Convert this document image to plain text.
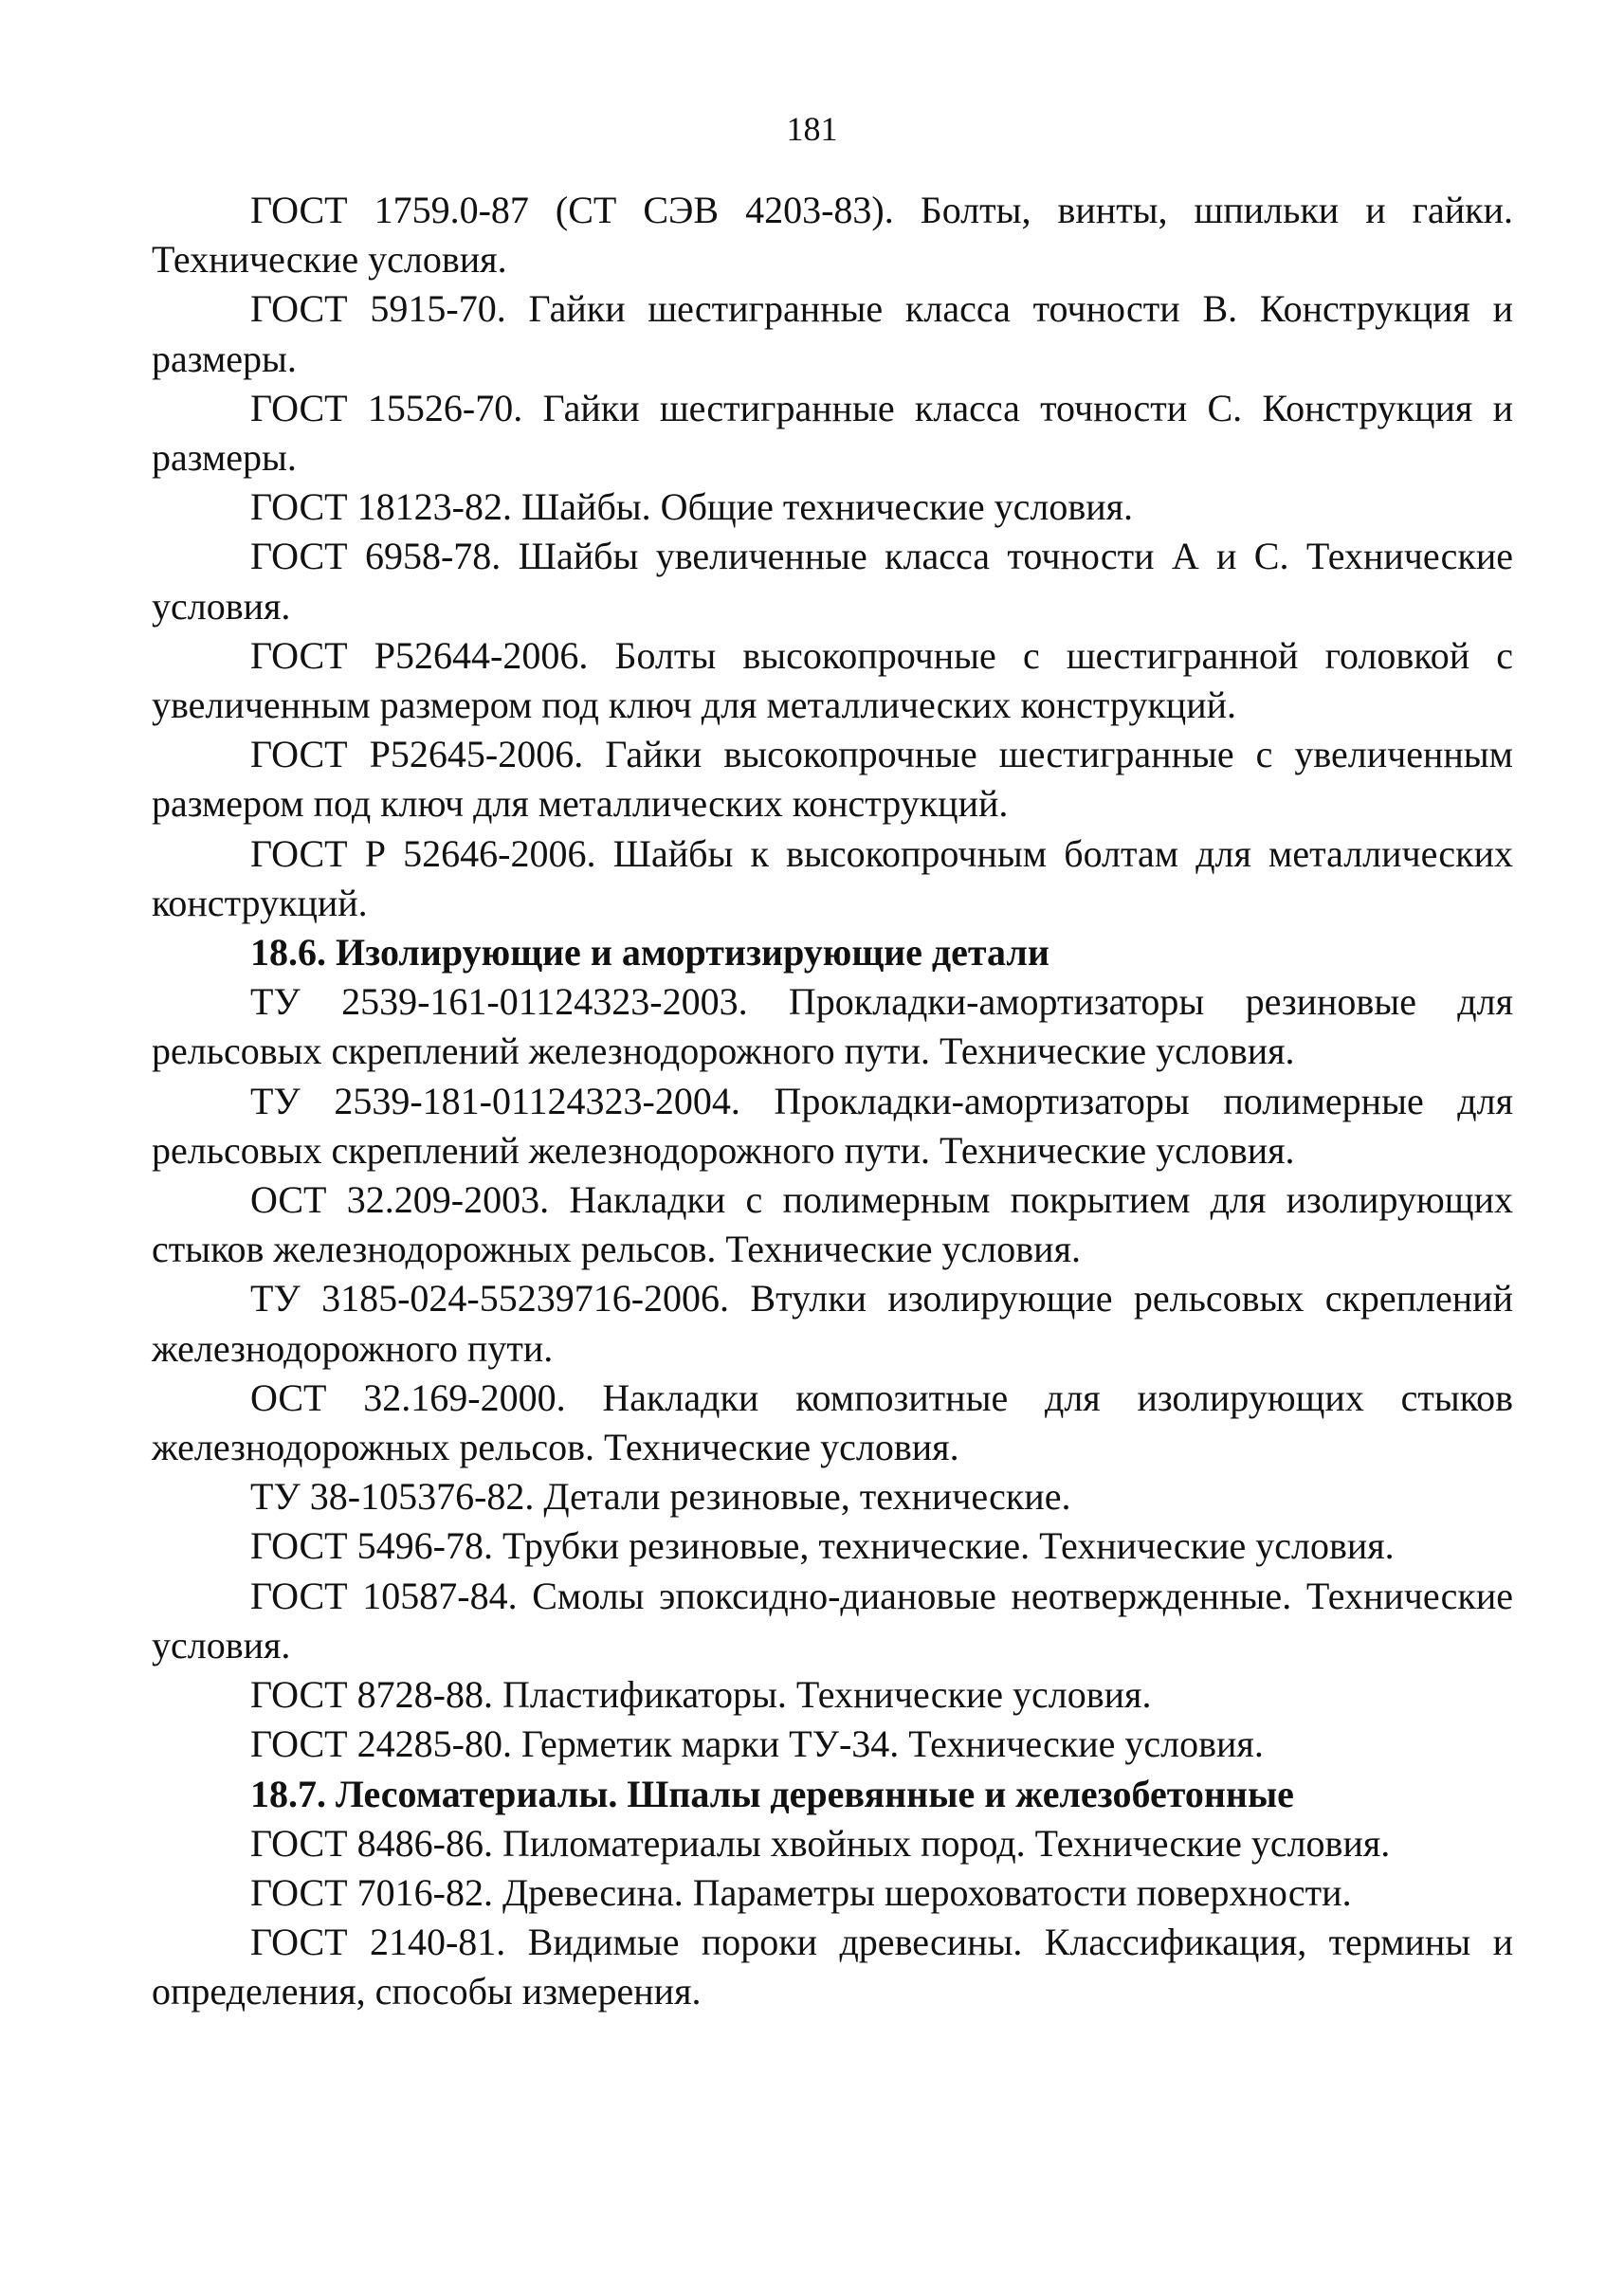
181

ГОСТ 1759.0-87 (СТ СЭВ 4203-83). Болты, винты, шпильки и гайки. Технические условия.

ГОСТ 5915-70. Гайки шестигранные класса точности В. Конструкция и размеры.

ГОСТ 15526-70. Гайки шестигранные класса точности С. Конструкция и размеры.

ГОСТ 18123-82. Шайбы. Общие технические условия.

ГОСТ 6958-78. Шайбы увеличенные класса точности А и С. Технические условия.

ГОСТ Р52644-2006. Болты высокопрочные с шестигранной головкой с увеличенным размером под ключ для металлических конструкций.

ГОСТ Р52645-2006. Гайки высокопрочные шестигранные с увеличенным размером под ключ для металлических конструкций.

ГОСТ Р 52646-2006. Шайбы к высокопрочным болтам для металлических конструкций.

18.6. Изолирующие и амортизирующие детали

ТУ 2539-161-01124323-2003. Прокладки-амортизаторы резиновые для рельсовых скреплений железнодорожного пути. Технические условия.

ТУ 2539-181-01124323-2004. Прокладки-амортизаторы полимерные для рельсовых скреплений железнодорожного пути. Технические условия.

ОСТ 32.209-2003. Накладки с полимерным покрытием для изолирующих стыков железнодорожных рельсов. Технические условия.

ТУ 3185-024-55239716-2006. Втулки изолирующие рельсовых скреплений железнодорожного пути.

ОСТ 32.169-2000. Накладки композитные для изолирующих стыков железнодорожных рельсов. Технические условия.

ТУ 38-105376-82. Детали резиновые, технические.

ГОСТ 5496-78. Трубки резиновые, технические. Технические условия.

ГОСТ 10587-84. Смолы эпоксидно-диановые неотвержденные. Технические условия.

ГОСТ 8728-88. Пластификаторы. Технические условия.

ГОСТ 24285-80. Герметик марки ТУ-34. Технические условия.

18.7. Лесоматериалы. Шпалы деревянные и железобетонные

ГОСТ 8486-86. Пиломатериалы хвойных пород. Технические условия.

ГОСТ 7016-82. Древесина. Параметры шероховатости поверхности.

ГОСТ 2140-81. Видимые пороки древесины. Классификация, термины и определения, способы измерения.
